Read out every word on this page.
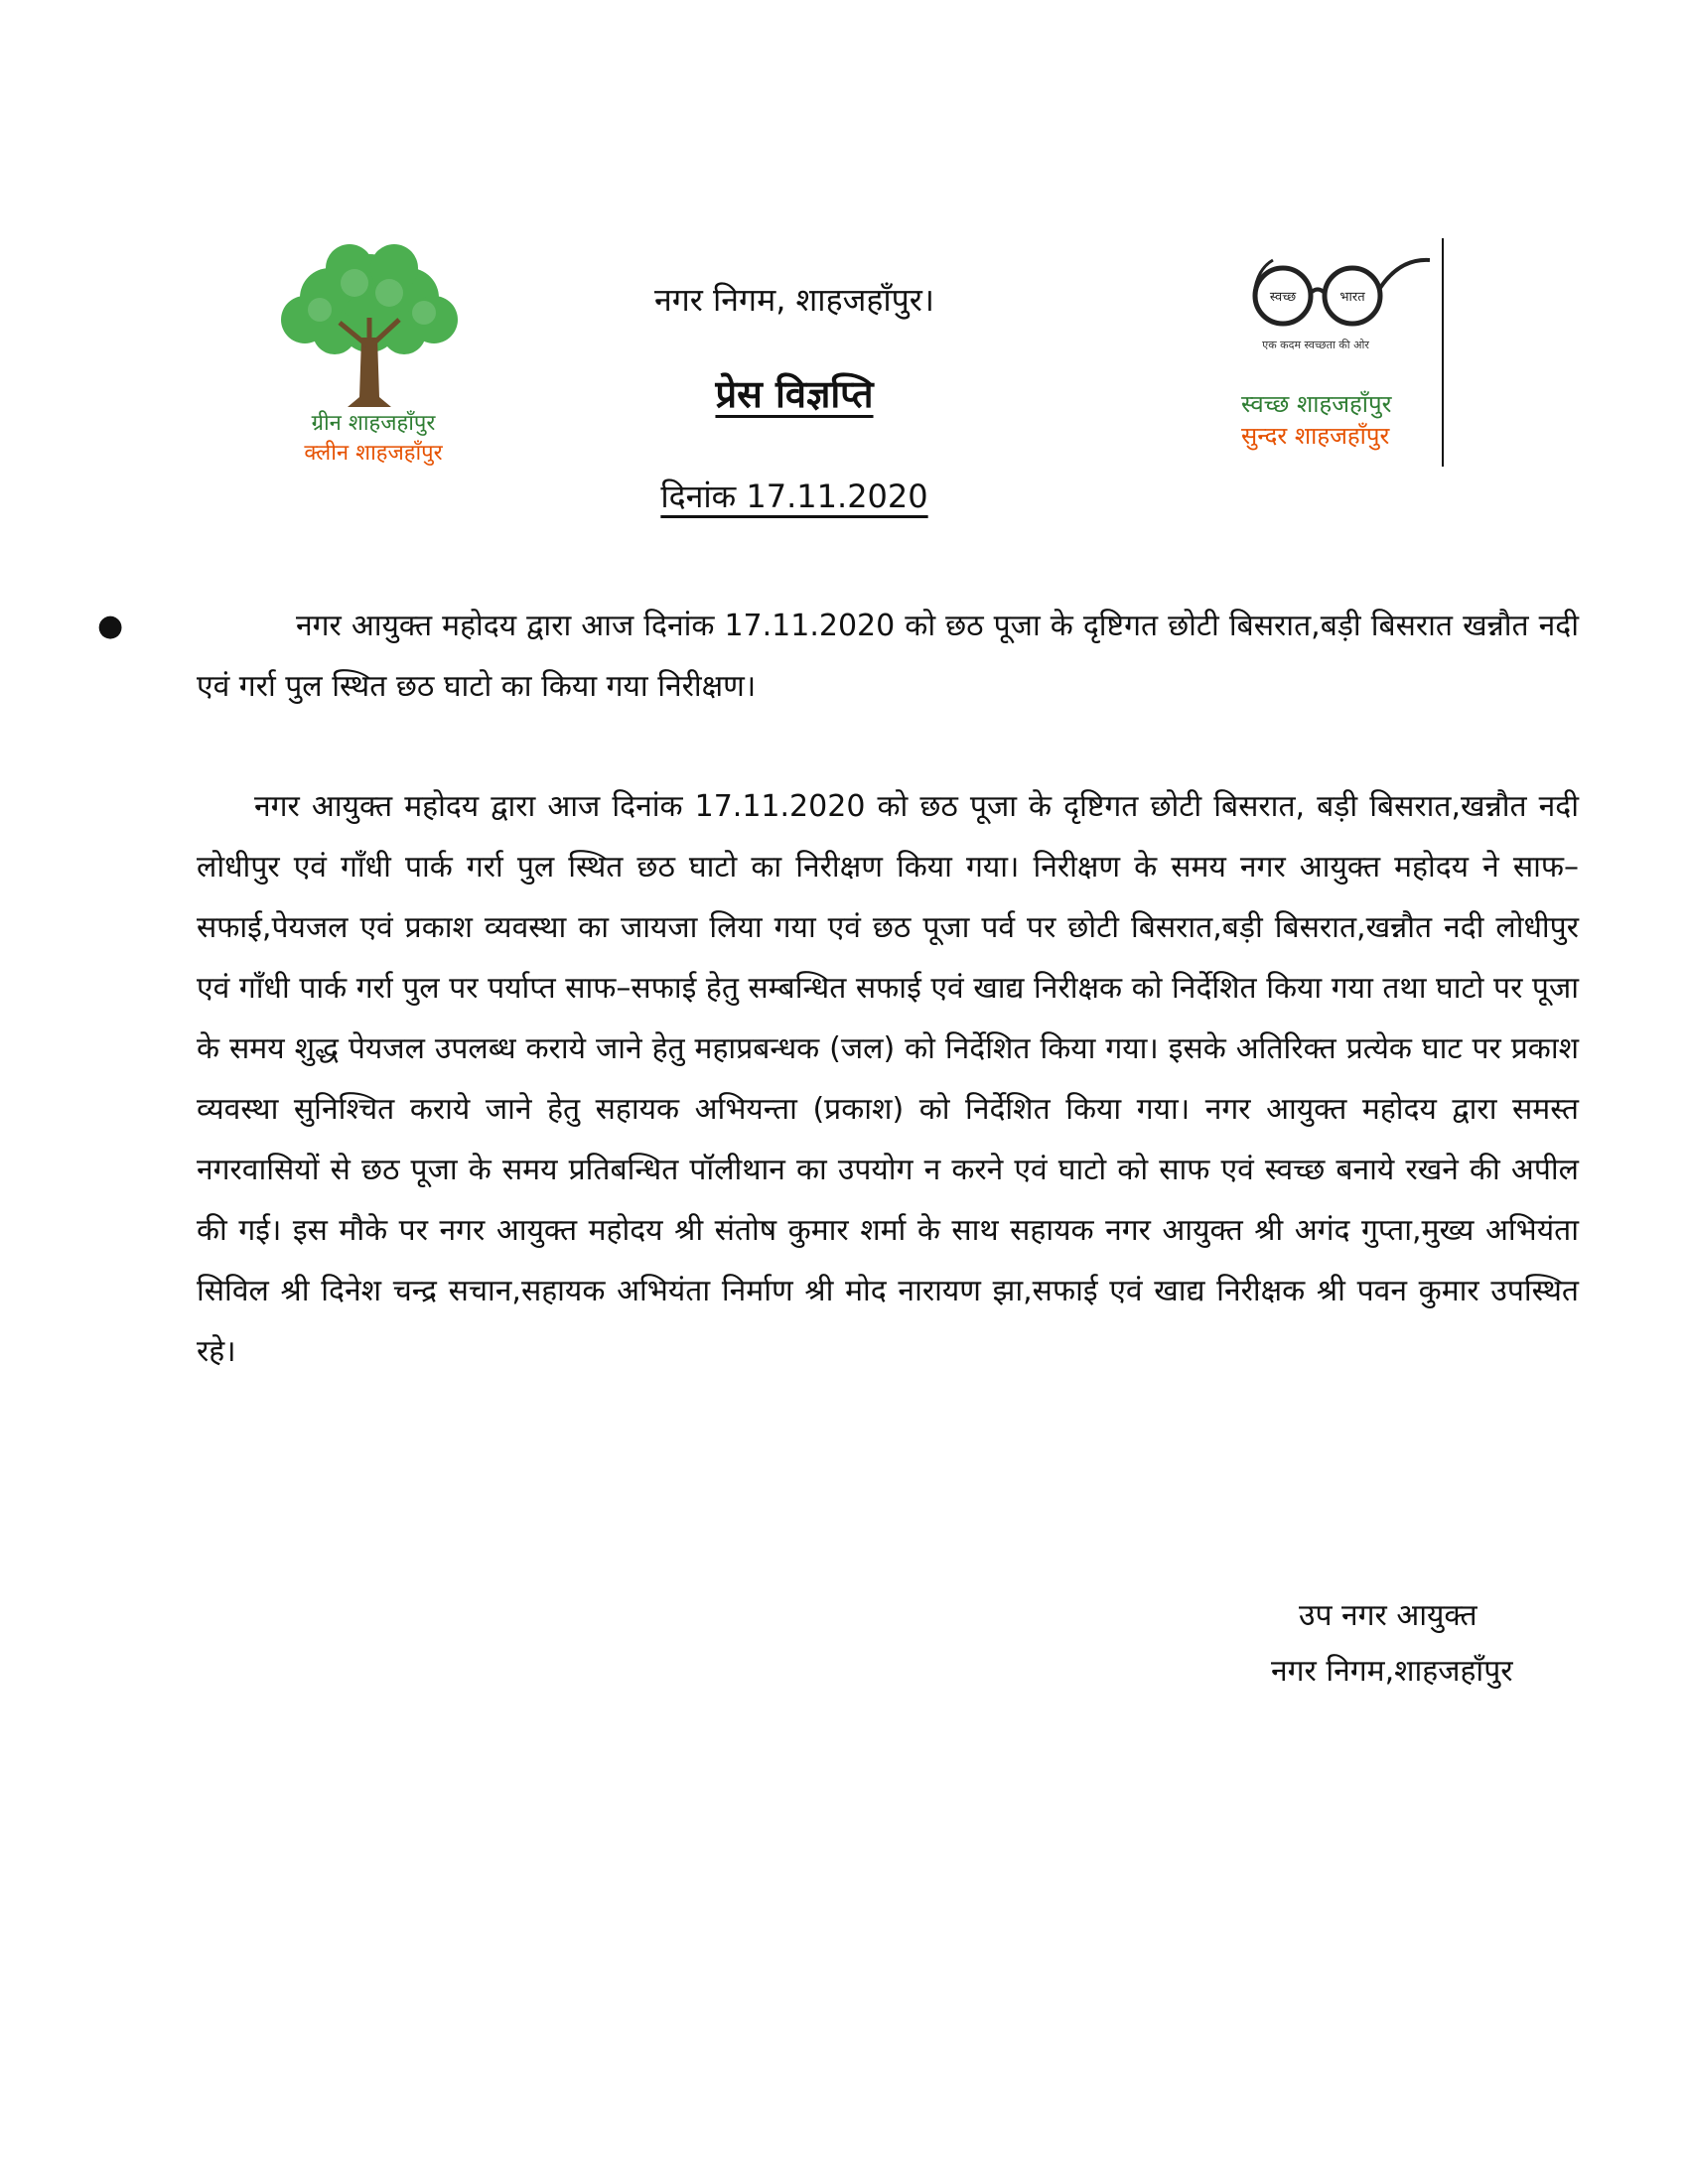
ग्रीन शाहजहाँपुर
क्लीन शाहजहाँपुर
नगर निगम, शाहजहाँपुर।
प्रेस विज्ञप्ति
दिनांक 17.11.2020
स्वच्छ	भारत
एक कदम स्वच्छता की ओर
स्वच्छ शाहजहाँपुर
सुन्दर शाहजहाँपुर
●	नगर आयुक्त महोदय द्वारा आज दिनांक 17.11.2020 को छठ पूजा के दृष्टिगत छोटी बिसरात,बड़ी बिसरात खन्नौत नदी एवं गर्रा पुल स्थित छठ घाटो का किया गया निरीक्षण।
नगर आयुक्त महोदय द्वारा आज दिनांक 17.11.2020 को छठ पूजा के दृष्टिगत छोटी बिसरात, बड़ी बिसरात,खन्नौत नदी लोधीपुर एवं गाँधी पार्क गर्रा पुल स्थित छठ घाटो का निरीक्षण किया गया। निरीक्षण के समय नगर आयुक्त महोदय ने साफ–सफाई,पेयजल एवं प्रकाश व्यवस्था का जायजा लिया गया एवं छठ पूजा पर्व पर छोटी बिसरात,बड़ी बिसरात,खन्नौत नदी लोधीपुर एवं गाँधी पार्क गर्रा पुल पर पर्याप्त साफ–सफाई हेतु सम्बन्धित सफाई एवं खाद्य निरीक्षक को निर्देशित किया गया तथा घाटो पर पूजा के समय शुद्ध पेयजल उपलब्ध कराये जाने हेतु महाप्रबन्धक (जल) को निर्देशित किया गया। इसके अतिरिक्त प्रत्येक घाट पर प्रकाश व्यवस्था सुनिश्चित कराये जाने हेतु सहायक अभियन्ता (प्रकाश) को निर्देशित किया गया। नगर आयुक्त महोदय द्वारा समस्त नगरवासियों से छठ पूजा के समय प्रतिबन्धित पॉलीथान का उपयोग न करने एवं घाटो को साफ एवं स्वच्छ बनाये रखने की अपील की गई। इस मौके पर नगर आयुक्त महोदय श्री संतोष कुमार शर्मा के साथ सहायक नगर आयुक्त श्री अगंद गुप्ता,मुख्य अभियंता सिविल श्री दिनेश चन्द्र सचान,सहायक अभियंता निर्माण श्री मोद नारायण झा,सफाई एवं खाद्य निरीक्षक श्री पवन कुमार उपस्थित रहे।
उप नगर आयुक्त
नगर निगम,शाहजहाँपुर
